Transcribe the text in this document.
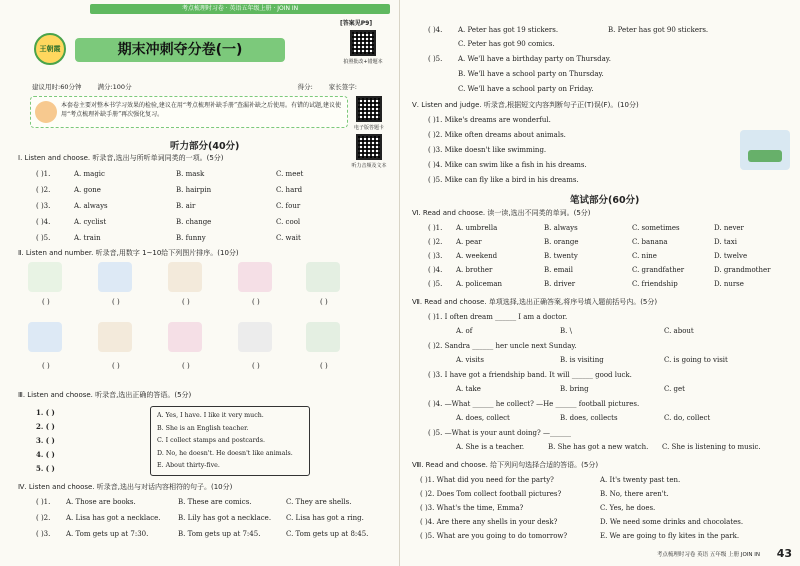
考点梳理时习卷 · 英语五年级上册 · JOIN IN
王朝霞	期末冲刺夺分卷(一)
[答案见P9]
拍照批改+错题本
电子版答题卡
听力音频及文本
建议用时:60分钟 满分:100分	得分: 家长签字:
本套卷主要对整本书学习效果的检验,建议在用“考点梳理补缺手册”查漏补缺之后使用。有错的试题,建议使用“考点梳理补缺手册”再次强化复习。
听力部分(40分)
Ⅰ. Listen and choose. 听录音,选出与所听单词同类的一项。(5分)
( )1.	A. magic	B. mask	C. meet
( )2.	A. gone	B. hairpin	C. hard
( )3.	A. always	B. air	C. four
( )4.	A. cyclist	B. change	C. cool
( )5.	A. train	B. funny	C. wait
Ⅱ. Listen and number. 听录音,用数字 1~10给下列图片排序。(10分)
( )	( )	( )	( )	( )
( )	( )	( )	( )	( )
Ⅲ. Listen and choose. 听录音,选出正确的答语。(5分)
1. ( )
2. ( )
3. ( )
4. ( )
5. ( )
A. Yes, I have. I like it very much.
B. She is an English teacher.
C. I collect stamps and postcards.
D. No, he doesn't. He doesn't like animals.
E. About thirty-five.
Ⅳ. Listen and choose. 听录音,选出与对话内容相符的句子。(10分)
( )1.	A. Those are books.	B. These are comics.	C. They are shells.
( )2.	A. Lisa has got a necklace.	B. Lily has got a necklace.	C. Lisa has got a ring.
( )3.	A. Tom gets up at 7:30.	B. Tom gets up at 7:45.	C. Tom gets up at 8:45.
( )4.	A. Peter has got 19 stickers.	B. Peter has got 90 stickers.
C. Peter has got 90 comics.
( )5.	A. We'll have a birthday party on Thursday.
B. We'll have a school party on Thursday.
C. We'll have a school party on Friday.
Ⅴ. Listen and judge. 听录音,根据短文内容判断句子正(T)误(F)。(10分)
( )1. Mike's dreams are wonderful.
( )2. Mike often dreams about animals.
( )3. Mike doesn't like swimming.
( )4. Mike can swim like a fish in his dreams.
( )5. Mike can fly like a bird in his dreams.
笔试部分(60分)
Ⅵ. Read and choose. 读一读,选出不同类的单词。(5分)
( )1.	A. umbrella	B. always	C. sometimes	D. never
( )2.	A. pear	B. orange	C. banana	D. taxi
( )3.	A. weekend	B. twenty	C. nine	D. twelve
( )4.	A. brother	B. email	C. grandfather	D. grandmother
( )5.	A. policeman	B. driver	C. friendship	D. nurse
Ⅶ. Read and choose. 单项选择,选出正确答案,将序号填入题前括号内。(5分)
( )1. I often dream ______ I am a doctor.
A. of	B. \	C. about
( )2. Sandra ______ her uncle next Sunday.
A. visits	B. is visiting	C. is going to visit
( )3. I have got a friendship band. It will ______ good luck.
A. take	B. bring	C. get
( )4. —What ______ he collect? —He ______ football pictures.
A. does, collect	B. does, collects	C. do, collect
( )5. —What is your aunt doing? —______
A. She is a teacher.	B. She has got a new watch.	C. She is listening to music.
Ⅷ. Read and choose. 给下列问句选择合适的答语。(5分)
( )1. What did you need for the party?	A. It's twenty past ten.
( )2. Does Tom collect football pictures?	B. No, there aren't.
( )3. What's the time, Emma?	C. Yes, he does.
( )4. Are there any shells in your desk?	D. We need some drinks and chocolates.
( )5. What are you going to do tomorrow?	E. We are going to fly kites in the park.
考点梳理时习卷 英语 五年级 上册 JOIN IN 43
